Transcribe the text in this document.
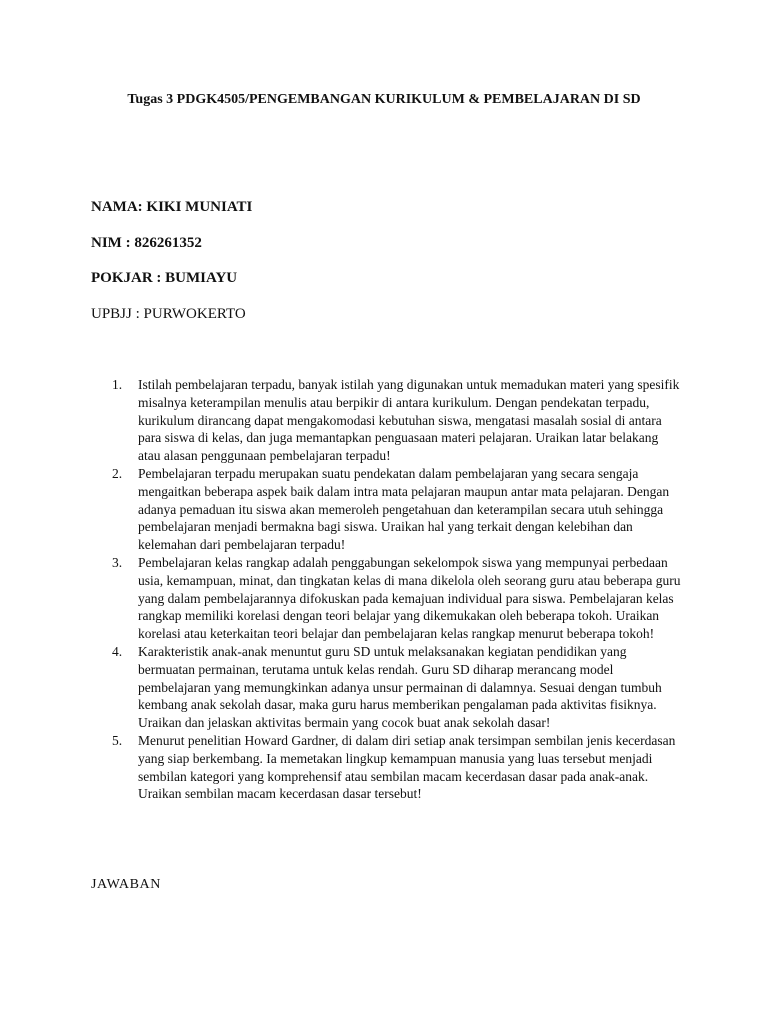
Tugas 3 PDGK4505/PENGEMBANGAN KURIKULUM & PEMBELAJARAN DI SD
NAMA: KIKI MUNIATI
NIM : 826261352
POKJAR : BUMIAYU
UPBJJ : PURWOKERTO
1. Istilah pembelajaran terpadu, banyak istilah yang digunakan untuk memadukan materi yang spesifik misalnya keterampilan menulis atau berpikir di antara kurikulum. Dengan pendekatan terpadu, kurikulum dirancang dapat mengakomodasi kebutuhan siswa, mengatasi masalah sosial di antara para siswa di kelas, dan juga memantapkan penguasaan materi pelajaran. Uraikan latar belakang atau alasan penggunaan pembelajaran terpadu!
2. Pembelajaran terpadu merupakan suatu pendekatan dalam pembelajaran yang secara sengaja mengaitkan beberapa aspek baik dalam intra mata pelajaran maupun antar mata pelajaran. Dengan adanya pemaduan itu siswa akan memeroleh pengetahuan dan keterampilan secara utuh sehingga pembelajaran menjadi bermakna bagi siswa. Uraikan hal yang terkait dengan kelebihan dan kelemahan dari pembelajaran terpadu!
3. Pembelajaran kelas rangkap adalah penggabungan sekelompok siswa yang mempunyai perbedaan usia, kemampuan, minat, dan tingkatan kelas di mana dikelola oleh seorang guru atau beberapa guru yang dalam pembelajarannya difokuskan pada kemajuan individual para siswa. Pembelajaran kelas rangkap memiliki korelasi dengan teori belajar yang dikemukakan oleh beberapa tokoh. Uraikan korelasi atau keterkaitan teori belajar dan pembelajaran kelas rangkap menurut beberapa tokoh!
4. Karakteristik anak-anak menuntut guru SD untuk melaksanakan kegiatan pendidikan yang bermuatan permainan, terutama untuk kelas rendah. Guru SD diharap merancang model pembelajaran yang memungkinkan adanya unsur permainan di dalamnya. Sesuai dengan tumbuh kembang anak sekolah dasar, maka guru harus memberikan pengalaman pada aktivitas fisiknya. Uraikan dan jelaskan aktivitas bermain yang cocok buat anak sekolah dasar!
5. Menurut penelitian Howard Gardner, di dalam diri setiap anak tersimpan sembilan jenis kecerdasan yang siap berkembang. Ia memetakan lingkup kemampuan manusia yang luas tersebut menjadi sembilan kategori yang komprehensif atau sembilan macam kecerdasan dasar pada anak-anak. Uraikan sembilan macam kecerdasan dasar tersebut!
JAWABAN
